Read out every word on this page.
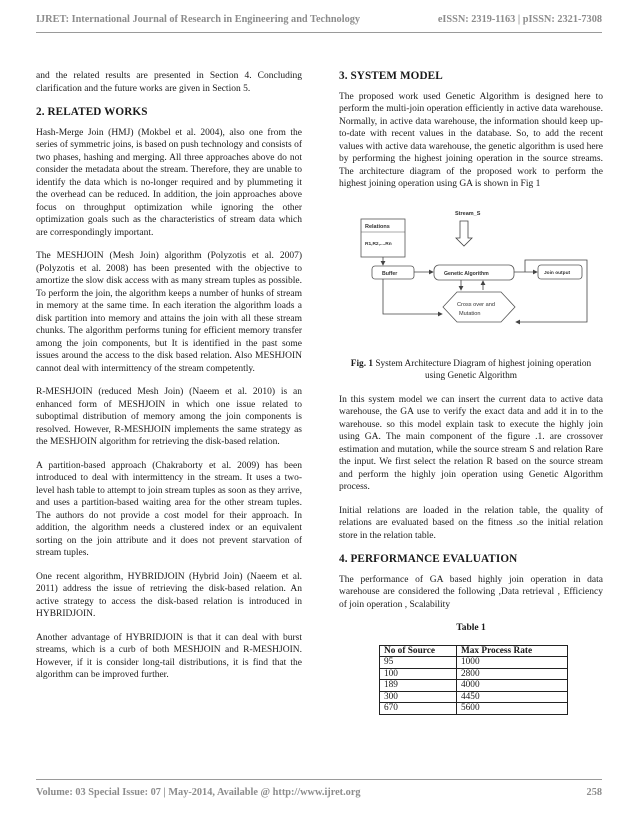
IJRET: International Journal of Research in Engineering and Technology	eISSN: 2319-1163 | pISSN: 2321-7308

and the related results are presented in Section 4. Concluding clarification and the future works are given in Section 5.

2. RELATED WORKS

Hash-Merge Join (HMJ) (Mokbel et al. 2004), also one from the series of symmetric joins, is based on push technology and consists of two phases, hashing and merging. All three approaches above do not consider the metadata about the stream. Therefore, they are unable to identify the data which is no-longer required and by plummeting it the overhead can be reduced. In addition, the join approaches above focus on throughput optimization while ignoring the other optimization goals such as the characteristics of stream data which are correspondingly important.

The MESHJOIN (Mesh Join) algorithm (Polyzotis et al. 2007) (Polyzotis et al. 2008) has been presented with the objective to amortize the slow disk access with as many stream tuples as possible. To perform the join, the algorithm keeps a number of hunks of stream in memory at the same time. In each iteration the algorithm loads a disk partition into memory and attains the join with all these stream chunks. The algorithm performs tuning for efficient memory transfer among the join components, but It is identified in the past some issues around the access to the disk based relation. Also MESHJOIN cannot deal with intermittency of the stream competently.

R-MESHJOIN (reduced Mesh Join) (Naeem et al. 2010) is an enhanced form of MESHJOIN in which one issue related to suboptimal distribution of memory among the join components is resolved. However, R-MESHJOIN implements the same strategy as the MESHJOIN algorithm for retrieving the disk-based relation.

A partition-based approach (Chakraborty et al. 2009) has been introduced to deal with intermittency in the stream. It uses a two-level hash table to attempt to join stream tuples as soon as they arrive, and uses a partition-based waiting area for the other stream tuples. The authors do not provide a cost model for their approach. In addition, the algorithm needs a clustered index or an equivalent sorting on the join attribute and it does not prevent starvation of stream tuples.

One recent algorithm, HYBRIDJOIN (Hybrid Join) (Naeem et al. 2011) address the issue of retrieving the disk-based relation. An active strategy to access the disk-based relation is introduced in HYBRIDJOIN.

Another advantage of HYBRIDJOIN is that it can deal with burst streams, which is a curb of both MESHJOIN and R-MESHJOIN. However, if it is consider long-tail distributions, it is find that the algorithm can be improved further.

3. SYSTEM MODEL

The proposed work used Genetic Algorithm is designed here to perform the multi-join operation efficiently in active data warehouse. Normally, in active data warehouse, the information should keep up-to-date with recent values in the database. So, to add the recent values with active data warehouse, the genetic algorithm is used here by performing the highest joining operation in the source streams. The architecture diagram of the proposed work to perform the highest joining operation using GA is shown in Fig 1

Stream_S
Relations
R1,R2,....Rn
Buffer	Genetic Algorithm	Join output
Cross over and
Mutation
Fig. 1 System Architecture Diagram of highest joining operation using Genetic Algorithm

In this system model we can insert the current data to active data warehouse, the GA use to verify the exact data and add it in to the warehouse. so this model explain task to execute the highly join using GA. The main component of the figure .1. are crossover estimation and mutation, while the source stream S and relation Rare the input. We first select the relation R based on the source stream and perform the highly join operation using Genetic Algorithm process.

Initial relations are loaded in the relation table, the quality of relations are evaluated based on the fitness .so the initial relation store in the relation table.

4. PERFORMANCE EVALUATION

The performance of GA based highly join operation in data warehouse are considered the following ,Data retrieval , Efficiency of join operation , Scalability

Table 1
No of Source	Max Process Rate
95	1000
100	2800
189	4000
300	4450
670	5600
Volume: 03 Special Issue: 07 | May-2014, Available @ http://www.ijret.org	258
